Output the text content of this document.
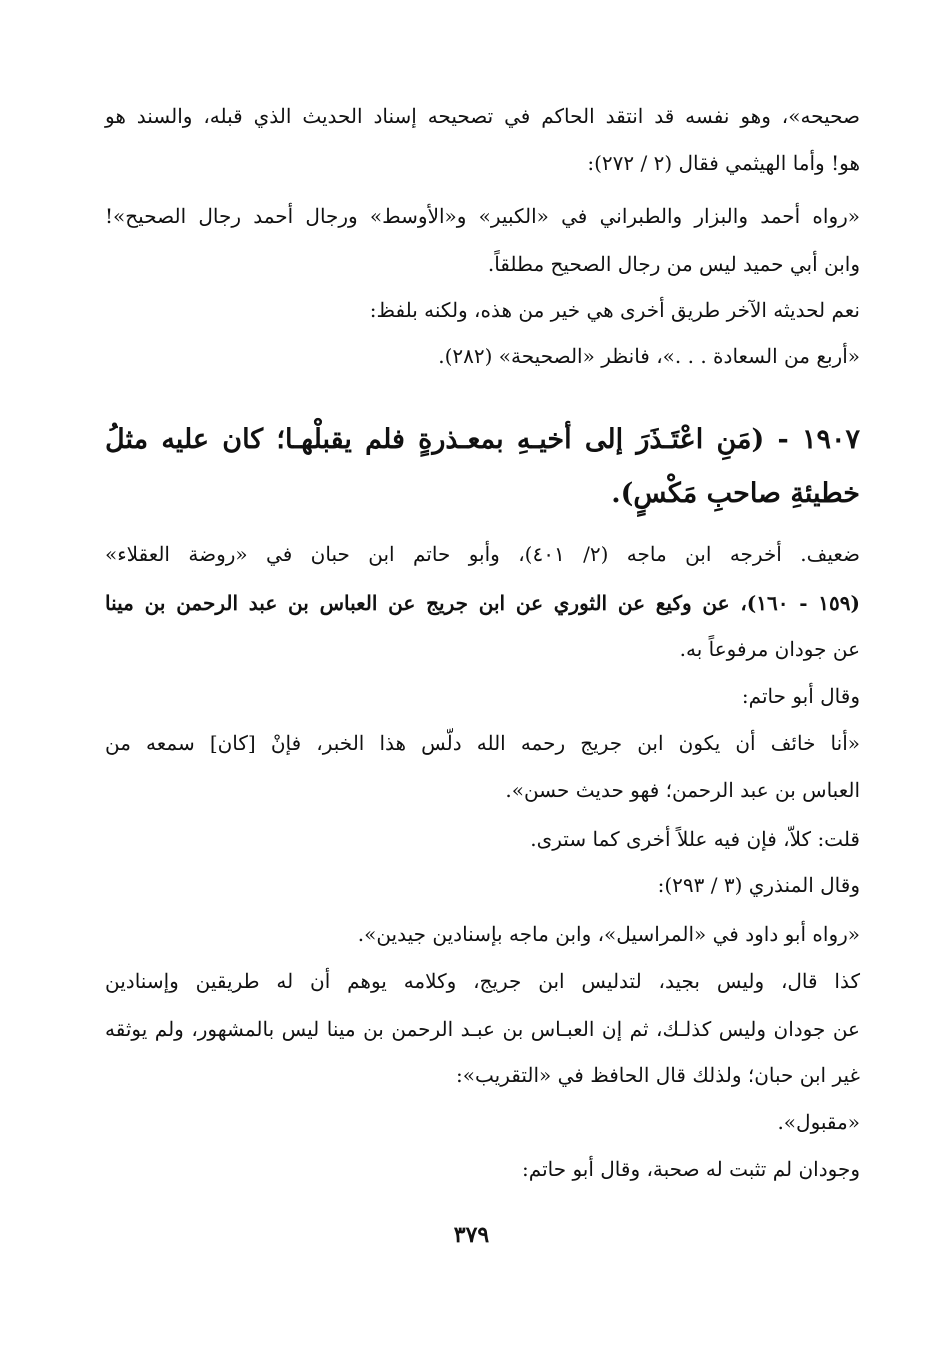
صحيحه»، وهو نفسه قد انتقد الحاكم في تصحيحه إسناد الحديث الذي قبله، والسند هو
هو! وأما الهيثمي فقال (٢ / ٢٧٢):
«رواه أحمد والبزار والطبراني في «الكبير» و«الأوسط» ورجال أحمد رجال الصحيح»!
وابن أبي حميد ليس من رجال الصحيح مطلقاً.
نعم لحديثه الآخر طريق أخرى هي خير من هذه، ولكنه بلفظ:
«أربع من السعادة . . .»، فانظر «الصحيحة» (٢٨٢).
١٩٠٧ - (مَنِ اعْتَـذَرَ إلى أخيـهِ بمعـذرةٍ فلم يقبلْهـا؛ كان عليه مثلُ
خطيئةِ صاحبِ مَكْسٍ).
ضعيف. أخرجه ابن ماجه (٢/ ٤٠١)، وأبو حاتم ابن حبان في «روضة العقلاء»
(١٥٩ - ١٦٠)، عن وكيع عن الثوري عن ابن جريج عن العباس بن عبد الرحمن بن مينا
عن جودان مرفوعاً به.
وقال أبو حاتم:
«أنا خائف أن يكون ابن جريج رحمه الله دلّس هذا الخبر، فإنْ [كان] سمعه من
العباس بن عبد الرحمن؛ فهو حديث حسن».
قلت: كلاّ، فإن فيه عللاً أخرى كما سترى.
وقال المنذري (٣ / ٢٩٣):
«رواه أبو داود في «المراسيل»، وابن ماجه بإسنادين جيدين».
كذا قال، وليس بجيد، لتدليس ابن جريج، وكلامه يوهم أن له طريقين وإسنادين
عن جودان وليس كذلـك، ثم إن العبـاس بن عبـد الرحمن بن مينا ليس بالمشهور، ولم يوثقه
غير ابن حبان؛ ولذلك قال الحافظ في «التقريب»:
«مقبول».
وجودان لم تثبت له صحبة، وقال أبو حاتم:
٣٧٩
